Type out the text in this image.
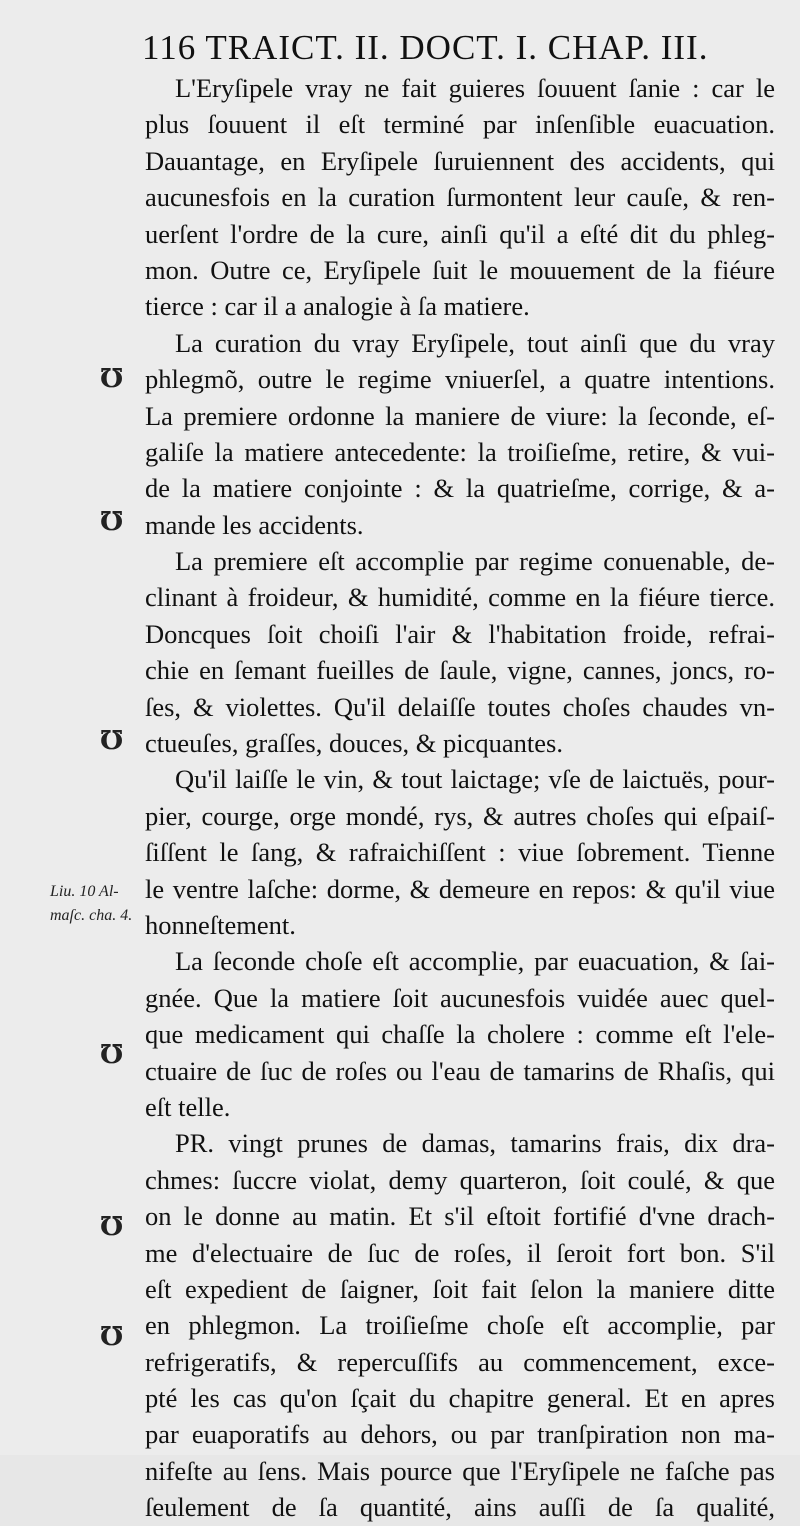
116 TRAICT. II. DOCT. I. CHAP. III.
L'Eryſipele vray ne fait guieres ſouuent ſanie : car le
plus ſouuent il eſt terminé par inſenſible euacuation.
Dauantage, en Eryſipele ſuruiennent des accidents, qui
aucunesfois en la curation ſurmontent leur cauſe, & ren-
uerſent l'ordre de la cure, ainſi qu'il a eſté dit du phleg-
mon. Outre ce, Eryſipele ſuit le mouuement de la fiéure
tierce : car il a analogie à ſa matiere.
La curation du vray Eryſipele, tout ainſi que du vray
phlegmõ, outre le regime vniuerſel, a quatre intentions.
La premiere ordonne la maniere de viure: la ſeconde, eſ-
galiſe la matiere antecedente: la troiſieſme, retire, & vui-
de la matiere conjointe : & la quatrieſme, corrige, & a-
mande les accidents.
La premiere eſt accomplie par regime conuenable, de-
clinant à froideur, & humidité, comme en la fiéure tierce.
Doncques ſoit choiſi l'air & l'habitation froide, refrai-
chie en ſemant fueilles de ſaule, vigne, cannes, joncs, ro-
ſes, & violettes. Qu'il delaiſſe toutes choſes chaudes vn-
ctueuſes, graſſes, douces, & picquantes.
Qu'il laiſſe le vin, & tout laictage; vſe de laictuës, pour-
pier, courge, orge mondé, rys, & autres choſes qui eſpaiſ-
ſiſſent le ſang, & rafraichiſſent : viue ſobrement. Tienne
le ventre laſche: dorme, & demeure en repos: & qu'il viue
honneſtement.
La ſeconde choſe eſt accomplie, par euacuation, & ſai-
gnée. Que la matiere ſoit aucunesfois vuidée auec quel-
que medicament qui chaſſe la cholere : comme eſt l'ele-
ctuaire de ſuc de roſes ou l'eau de tamarins de Rhaſis, qui
eſt telle.
PR. vingt prunes de damas, tamarins frais, dix dra-
chmes: ſuccre violat, demy quarteron, ſoit coulé, & que
on le donne au matin. Et s'il eſtoit fortifié d'vne drach-
me d'electuaire de ſuc de roſes, il ſeroit fort bon. S'il
eſt expedient de ſaigner, ſoit fait ſelon la maniere ditte
en phlegmon. La troiſieſme choſe eſt accomplie, par
refrigeratifs, & repercuſſifs au commencement, exce-
pté les cas qu'on ſçait du chapitre general. Et en apres
par euaporatifs au dehors, ou par tranſpiration non ma-
nifeſte au ſens. Mais pource que l'Eryſipele ne faſche pas
ſeulement de ſa quantité, ains auſſi de ſa qualité,
Liu. 10 Al-
maſc. cha. 4.
℧
℧
℧
℧
℧
℧
